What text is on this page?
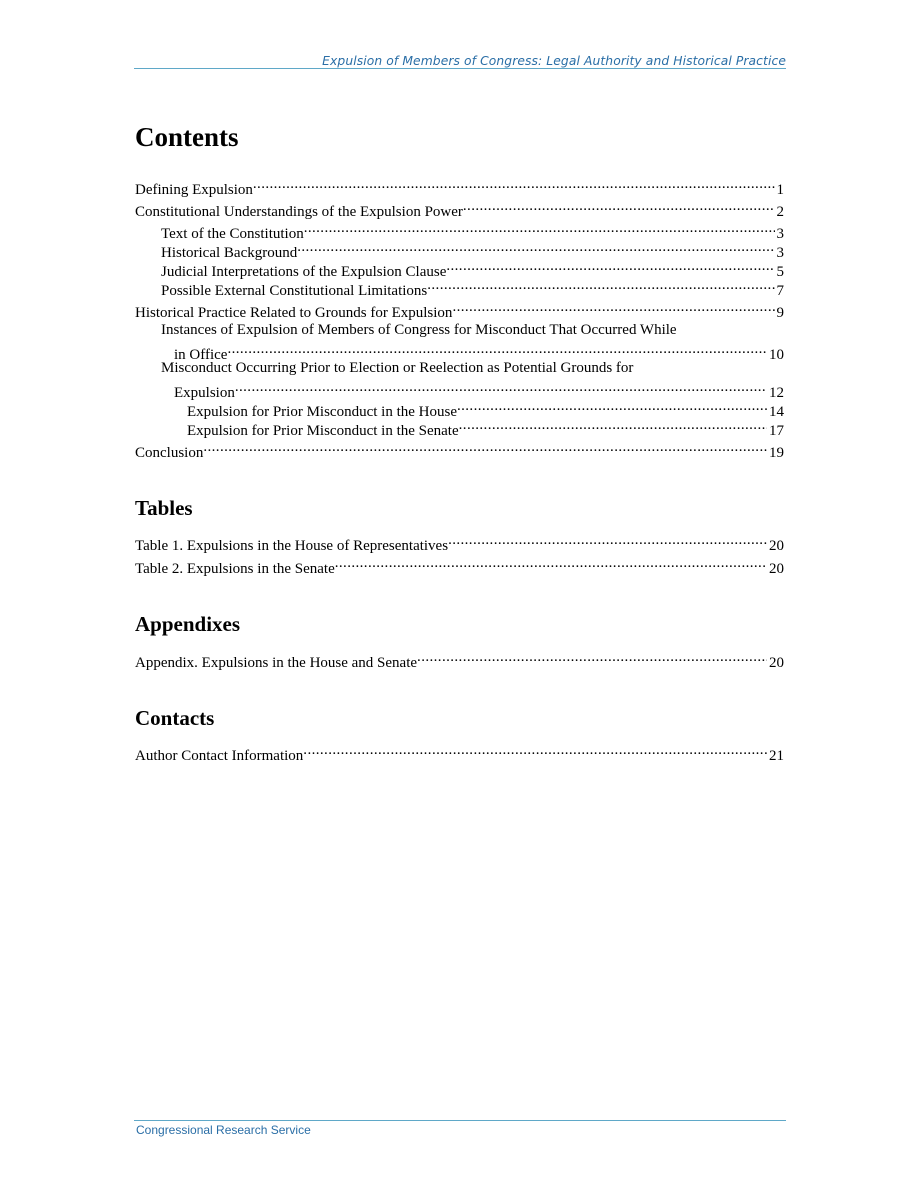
Expulsion of Members of Congress: Legal Authority and Historical Practice
Contents
Defining Expulsion .....	1
Constitutional Understandings of the Expulsion Power .....	2
Text of the Constitution .....	3
Historical Background .....	3
Judicial Interpretations of the Expulsion Clause .....	5
Possible External Constitutional Limitations .....	7
Historical Practice Related to Grounds for Expulsion .....	9
Instances of Expulsion of Members of Congress for Misconduct That Occurred While
in Office .....	10
Misconduct Occurring Prior to Election or Reelection as Potential Grounds for
Expulsion .....	12
Expulsion for Prior Misconduct in the House .....	14
Expulsion for Prior Misconduct in the Senate .....	17
Conclusion .....	19
Tables
Table 1. Expulsions in the House of Representatives .....	20
Table 2. Expulsions in the Senate .....	20
Appendixes
Appendix. Expulsions in the House and Senate .....	20
Contacts
Author Contact Information .....	21
Congressional Research Service
